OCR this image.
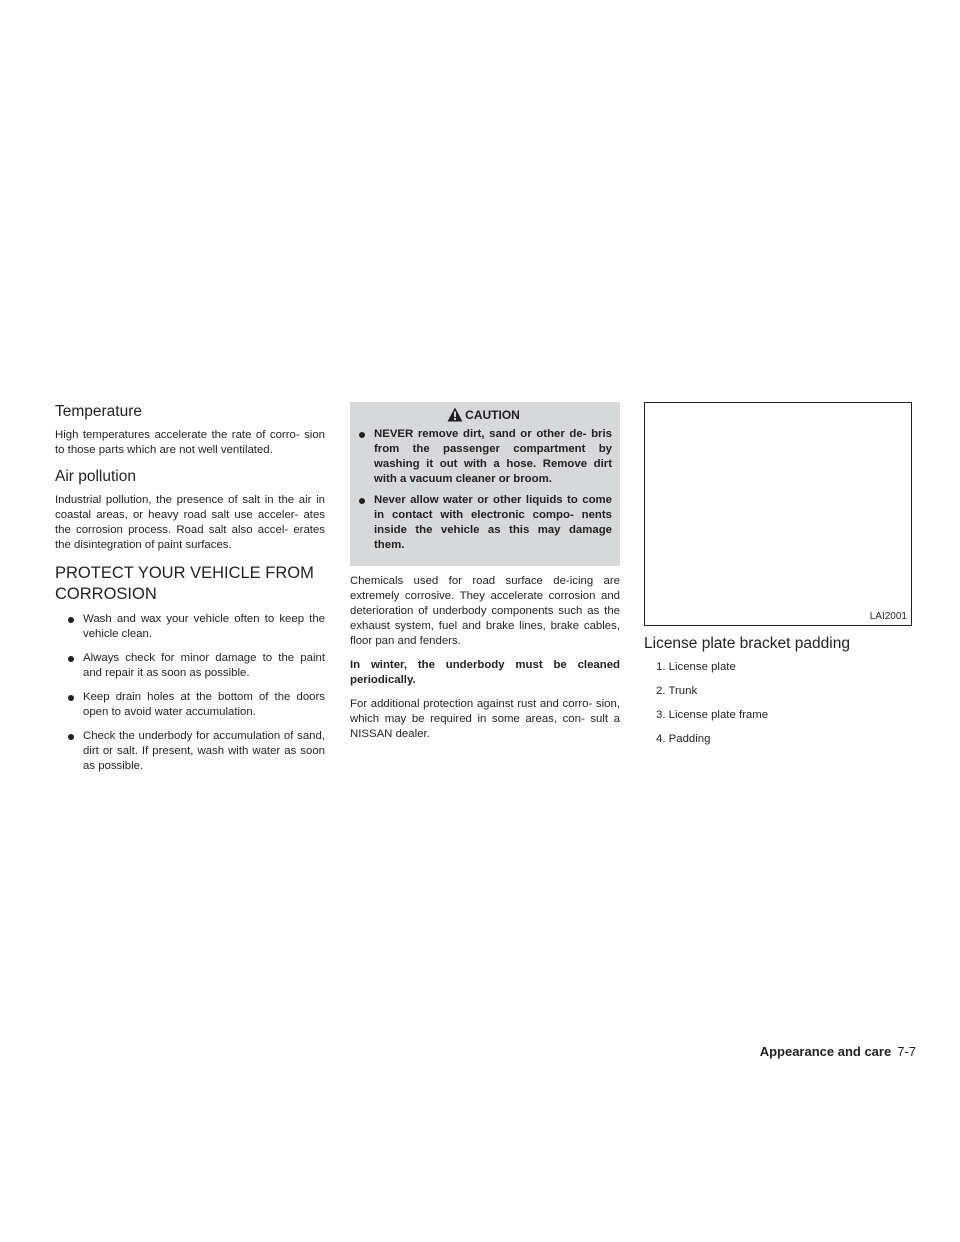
Temperature

High temperatures accelerate the rate of corro- sion to those parts which are not well ventilated.

Air pollution

Industrial pollution, the presence of salt in the air in coastal areas, or heavy road salt use acceler- ates the corrosion process. Road salt also accel- erates the disintegration of paint surfaces.

PROTECT YOUR VEHICLE FROM
CORROSION
Wash and wax your vehicle often to keep the vehicle clean.
Always check for minor damage to the paint and repair it as soon as possible.
Keep drain holes at the bottom of the doors open to avoid water accumulation.
Check the underbody for accumulation of sand, dirt or salt. If present, wash with water as soon as possible.
CAUTION
NEVER remove dirt, sand or other de- bris from the passenger compartment by washing it out with a hose. Remove dirt with a vacuum cleaner or broom.
Never allow water or other liquids to come in contact with electronic compo- nents inside the vehicle as this may damage them.

Chemicals used for road surface de-icing are extremely corrosive. They accelerate corrosion and deterioration of underbody components such as the exhaust system, fuel and brake lines, brake cables, floor pan and fenders.

In winter, the underbody must be cleaned periodically.

For additional protection against rust and corro- sion, which may be required in some areas, con- sult a NISSAN dealer.

LAI2001
License plate bracket padding
1. License plate
2. Trunk
3. License plate frame
4. Padding
Appearance and care 7-7
